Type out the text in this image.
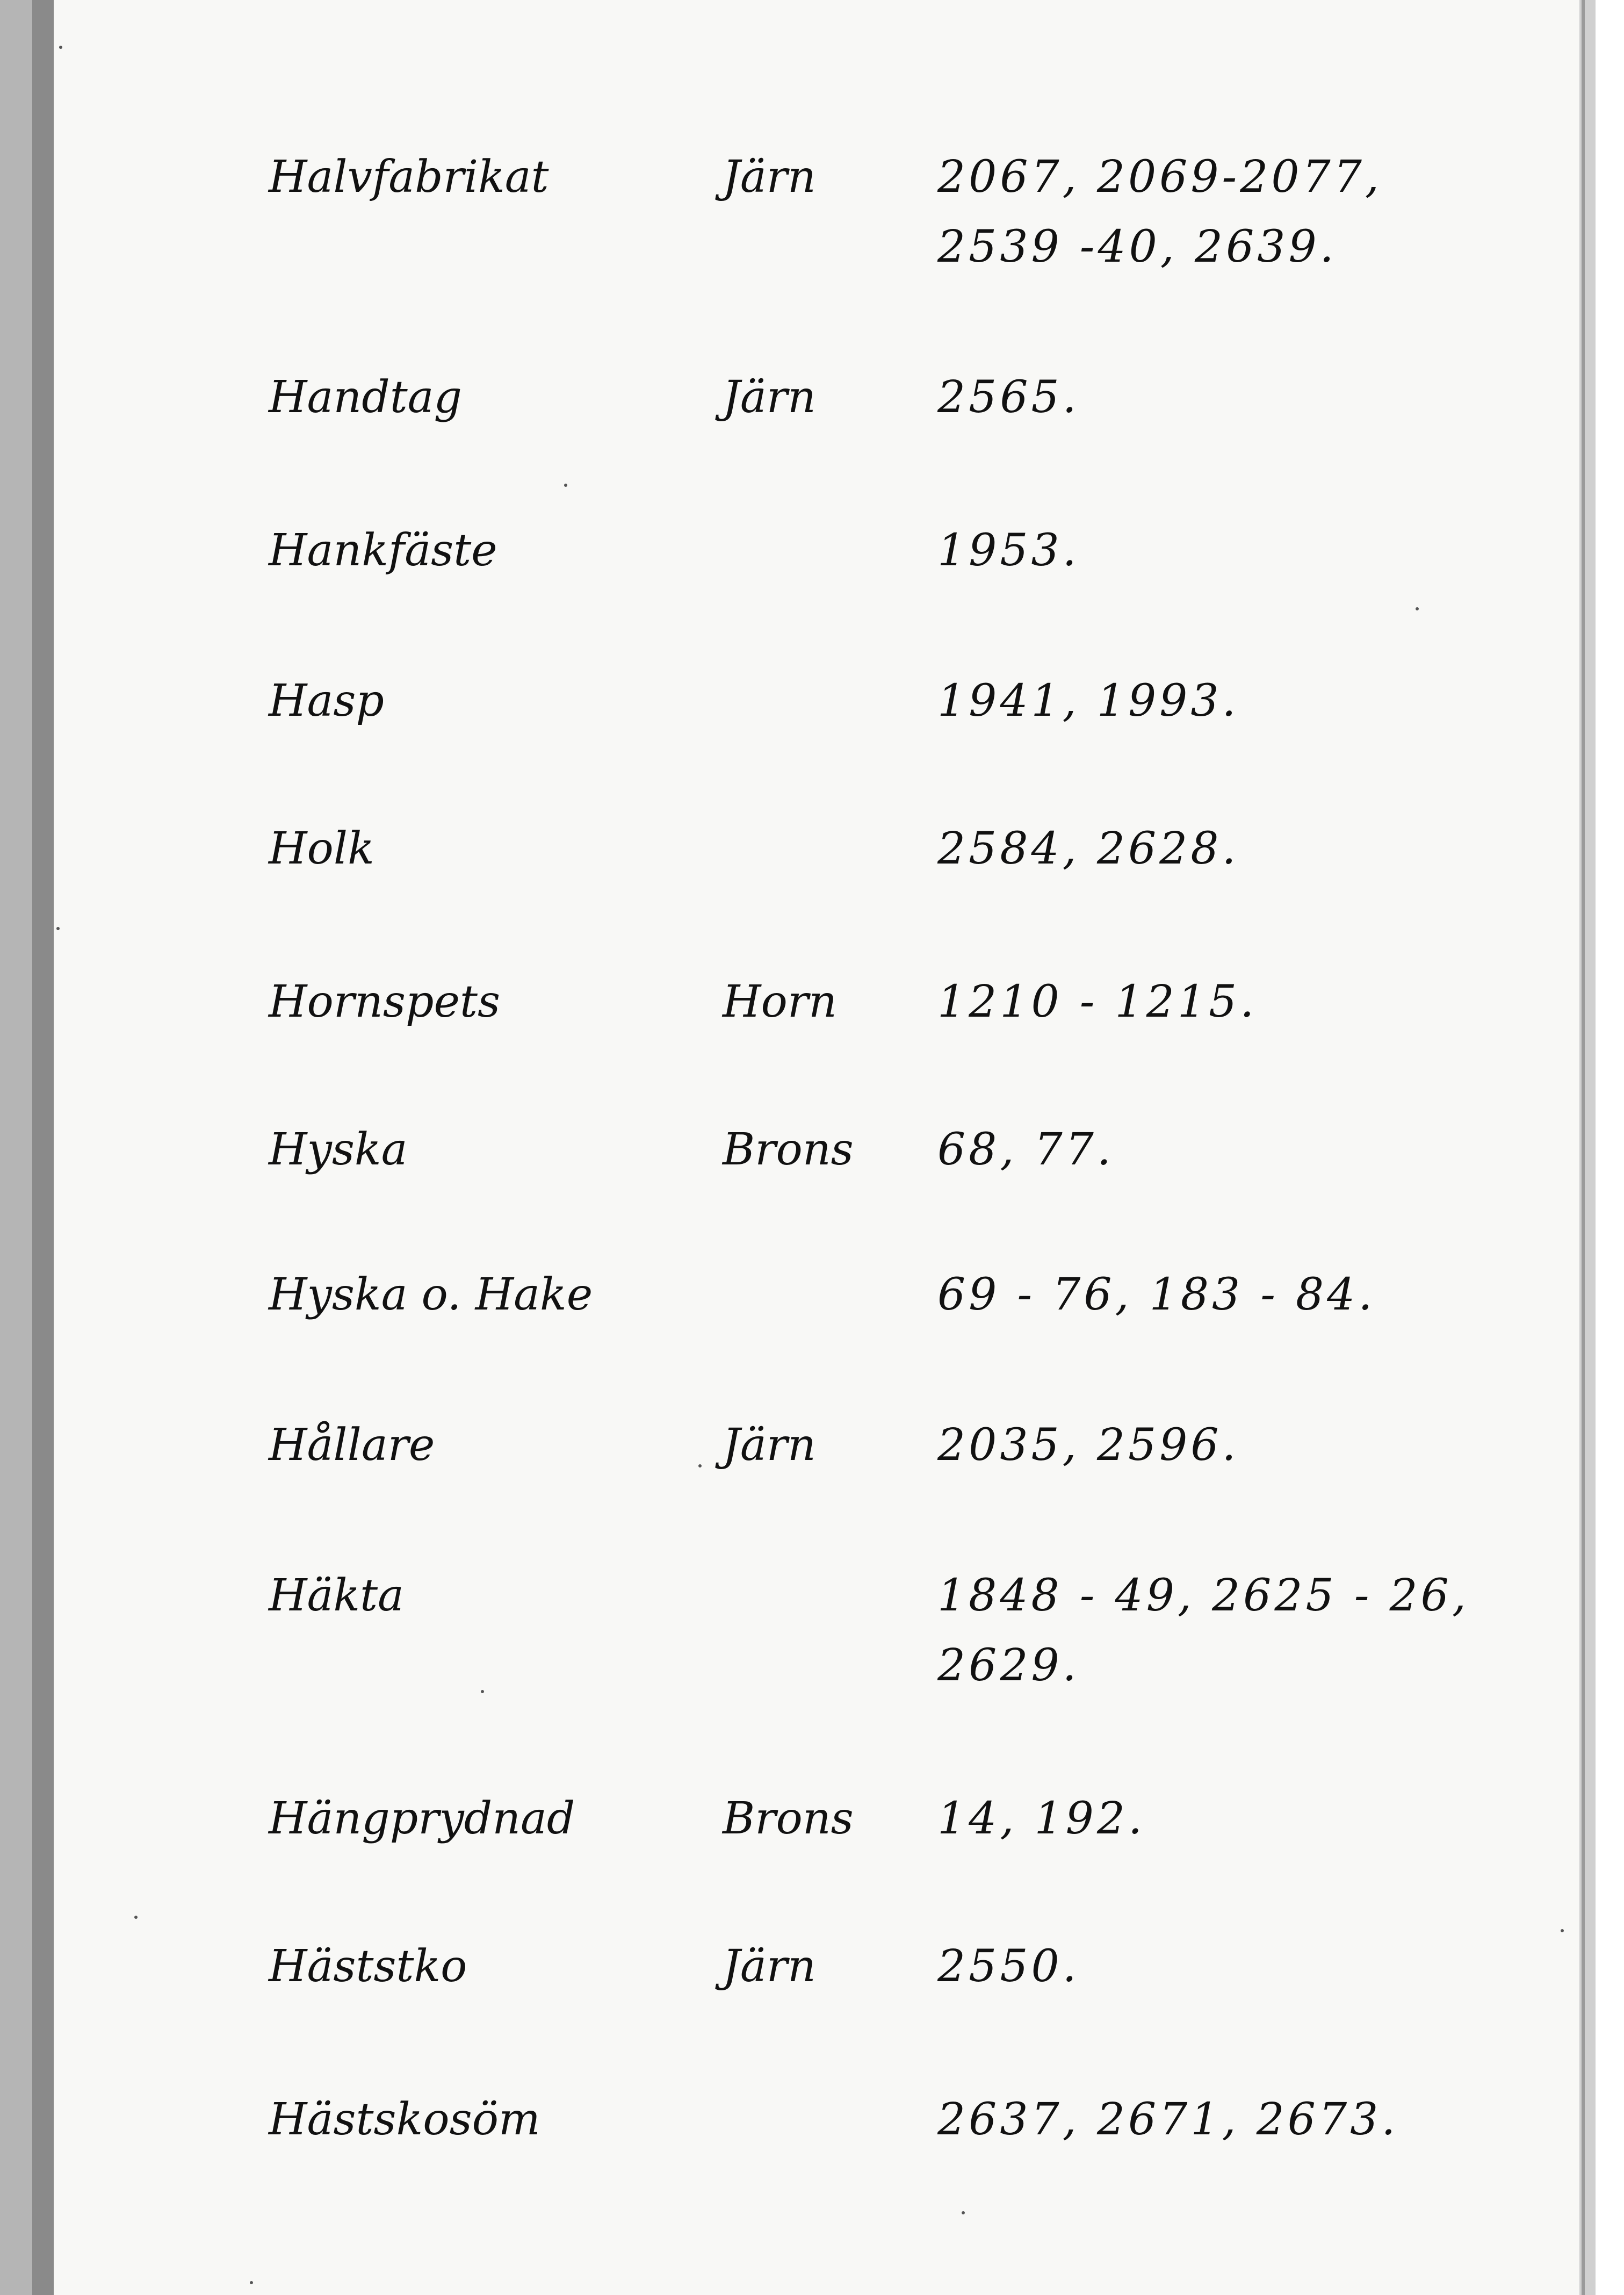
Halvfabrikat	Järn	2067, 2069-2077,
2539 -40, 2639.
Handtag	Järn	2565.
Hankfäste	1953.
Hasp	1941, 1993.
Holk	2584, 2628.
Hornspets	Horn 1210 - 1215.
Hyska	Brons 68, 77.
Hyska o. Hake	69 - 76, 183 - 84.
Hållare	Järn	2035, 2596.
Häkta	1848 - 49, 2625 - 26,
2629.
Hängprydnad	Brons 14, 192.
Häststko	Järn	2550.
Hästskosöm	2637, 2671, 2673.
